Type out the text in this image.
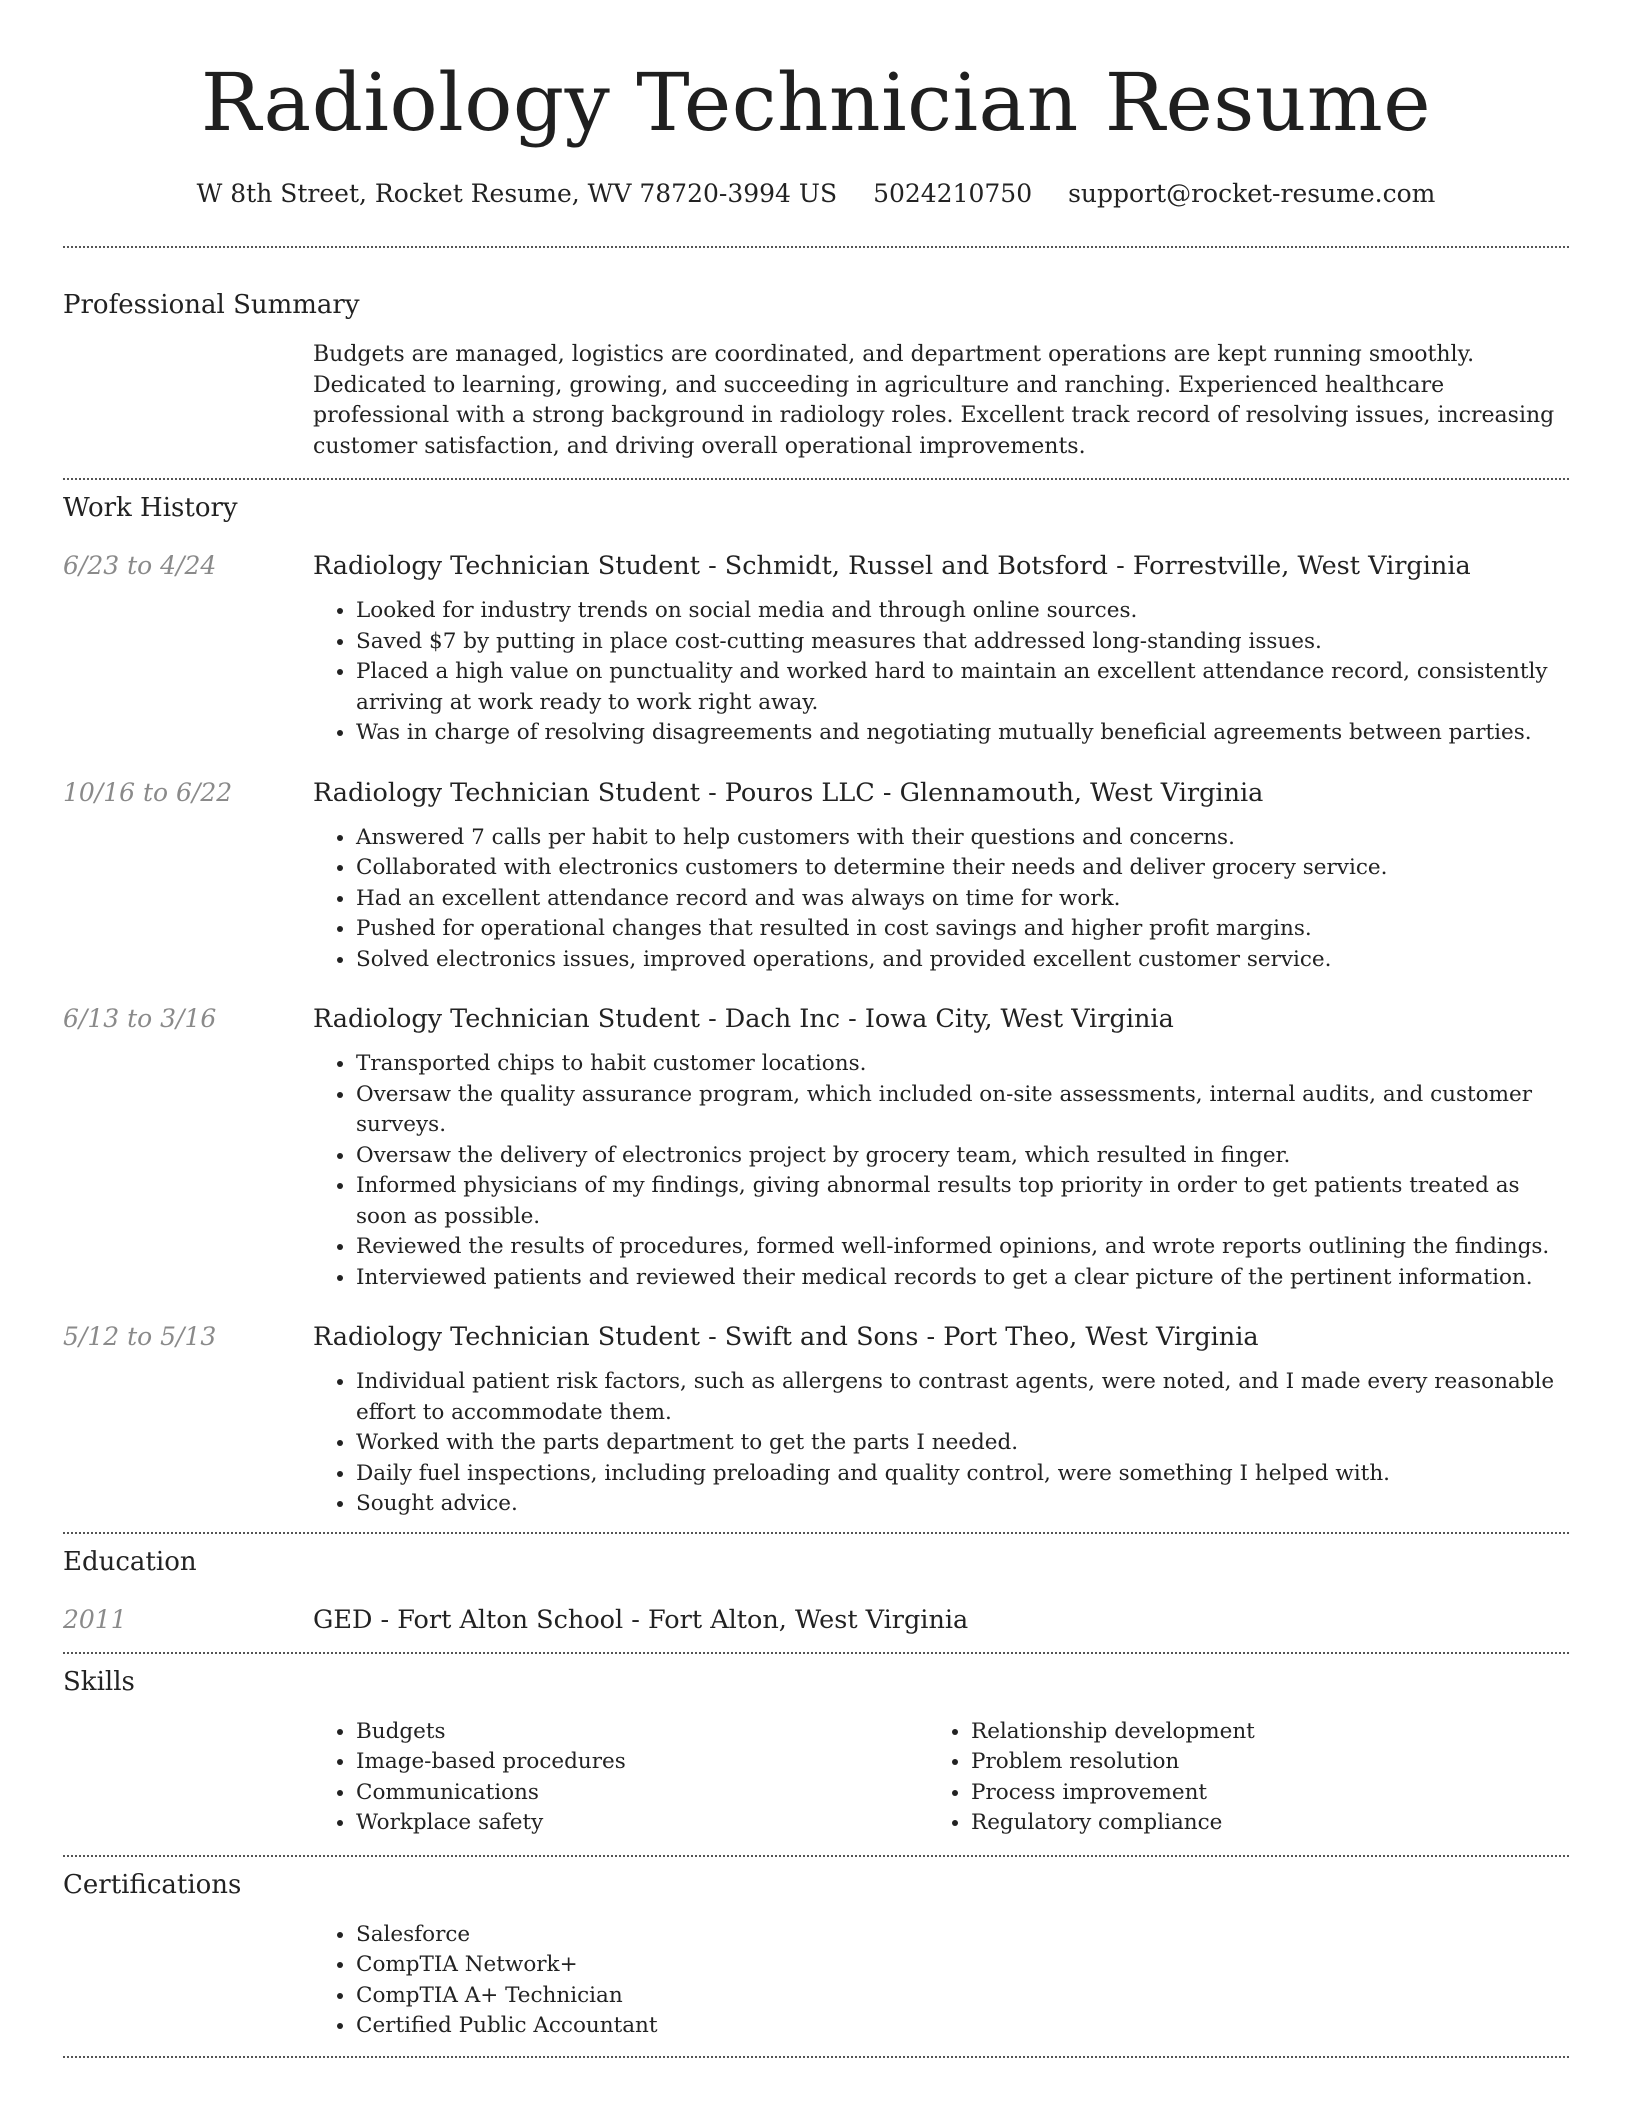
Radiology Technician Resume
W 8th Street, Rocket Resume, WV 78720-3994 US 5024210750 support@rocket-resume.com
Professional Summary
Budgets are managed, logistics are coordinated, and department operations are kept running smoothly. Dedicated to learning, growing, and succeeding in agriculture and ranching. Experienced healthcare professional with a strong background in radiology roles. Excellent track record of resolving issues, increasing customer satisfaction, and driving overall operational improvements.
Work History
6/23 to 4/24	Radiology Technician Student - Schmidt, Russel and Botsford - Forrestville, West Virginia
• Looked for industry trends on social media and through online sources.
• Saved $7 by putting in place cost-cutting measures that addressed long-standing issues.
• Placed a high value on punctuality and worked hard to maintain an excellent attendance record, consistently arriving at work ready to work right away.
• Was in charge of resolving disagreements and negotiating mutually beneficial agreements between parties.
10/16 to 6/22	Radiology Technician Student - Pouros LLC - Glennamouth, West Virginia
• Answered 7 calls per habit to help customers with their questions and concerns.
• Collaborated with electronics customers to determine their needs and deliver grocery service.
• Had an excellent attendance record and was always on time for work.
• Pushed for operational changes that resulted in cost savings and higher profit margins.
• Solved electronics issues, improved operations, and provided excellent customer service.
6/13 to 3/16	Radiology Technician Student - Dach Inc - Iowa City, West Virginia
• Transported chips to habit customer locations.
• Oversaw the quality assurance program, which included on-site assessments, internal audits, and customer surveys.
• Oversaw the delivery of electronics project by grocery team, which resulted in finger.
• Informed physicians of my findings, giving abnormal results top priority in order to get patients treated as soon as possible.
• Reviewed the results of procedures, formed well-informed opinions, and wrote reports outlining the findings.
• Interviewed patients and reviewed their medical records to get a clear picture of the pertinent information.
5/12 to 5/13	Radiology Technician Student - Swift and Sons - Port Theo, West Virginia
• Individual patient risk factors, such as allergens to contrast agents, were noted, and I made every reasonable effort to accommodate them.
• Worked with the parts department to get the parts I needed.
• Daily fuel inspections, including preloading and quality control, were something I helped with.
• Sought advice.
Education
2011	GED - Fort Alton School - Fort Alton, West Virginia
Skills
• Budgets
• Image-based procedures
• Communications
• Workplace safety
• Relationship development
• Problem resolution
• Process improvement
• Regulatory compliance
Certifications
• Salesforce
• CompTIA Network+
• CompTIA A+ Technician
• Certified Public Accountant
